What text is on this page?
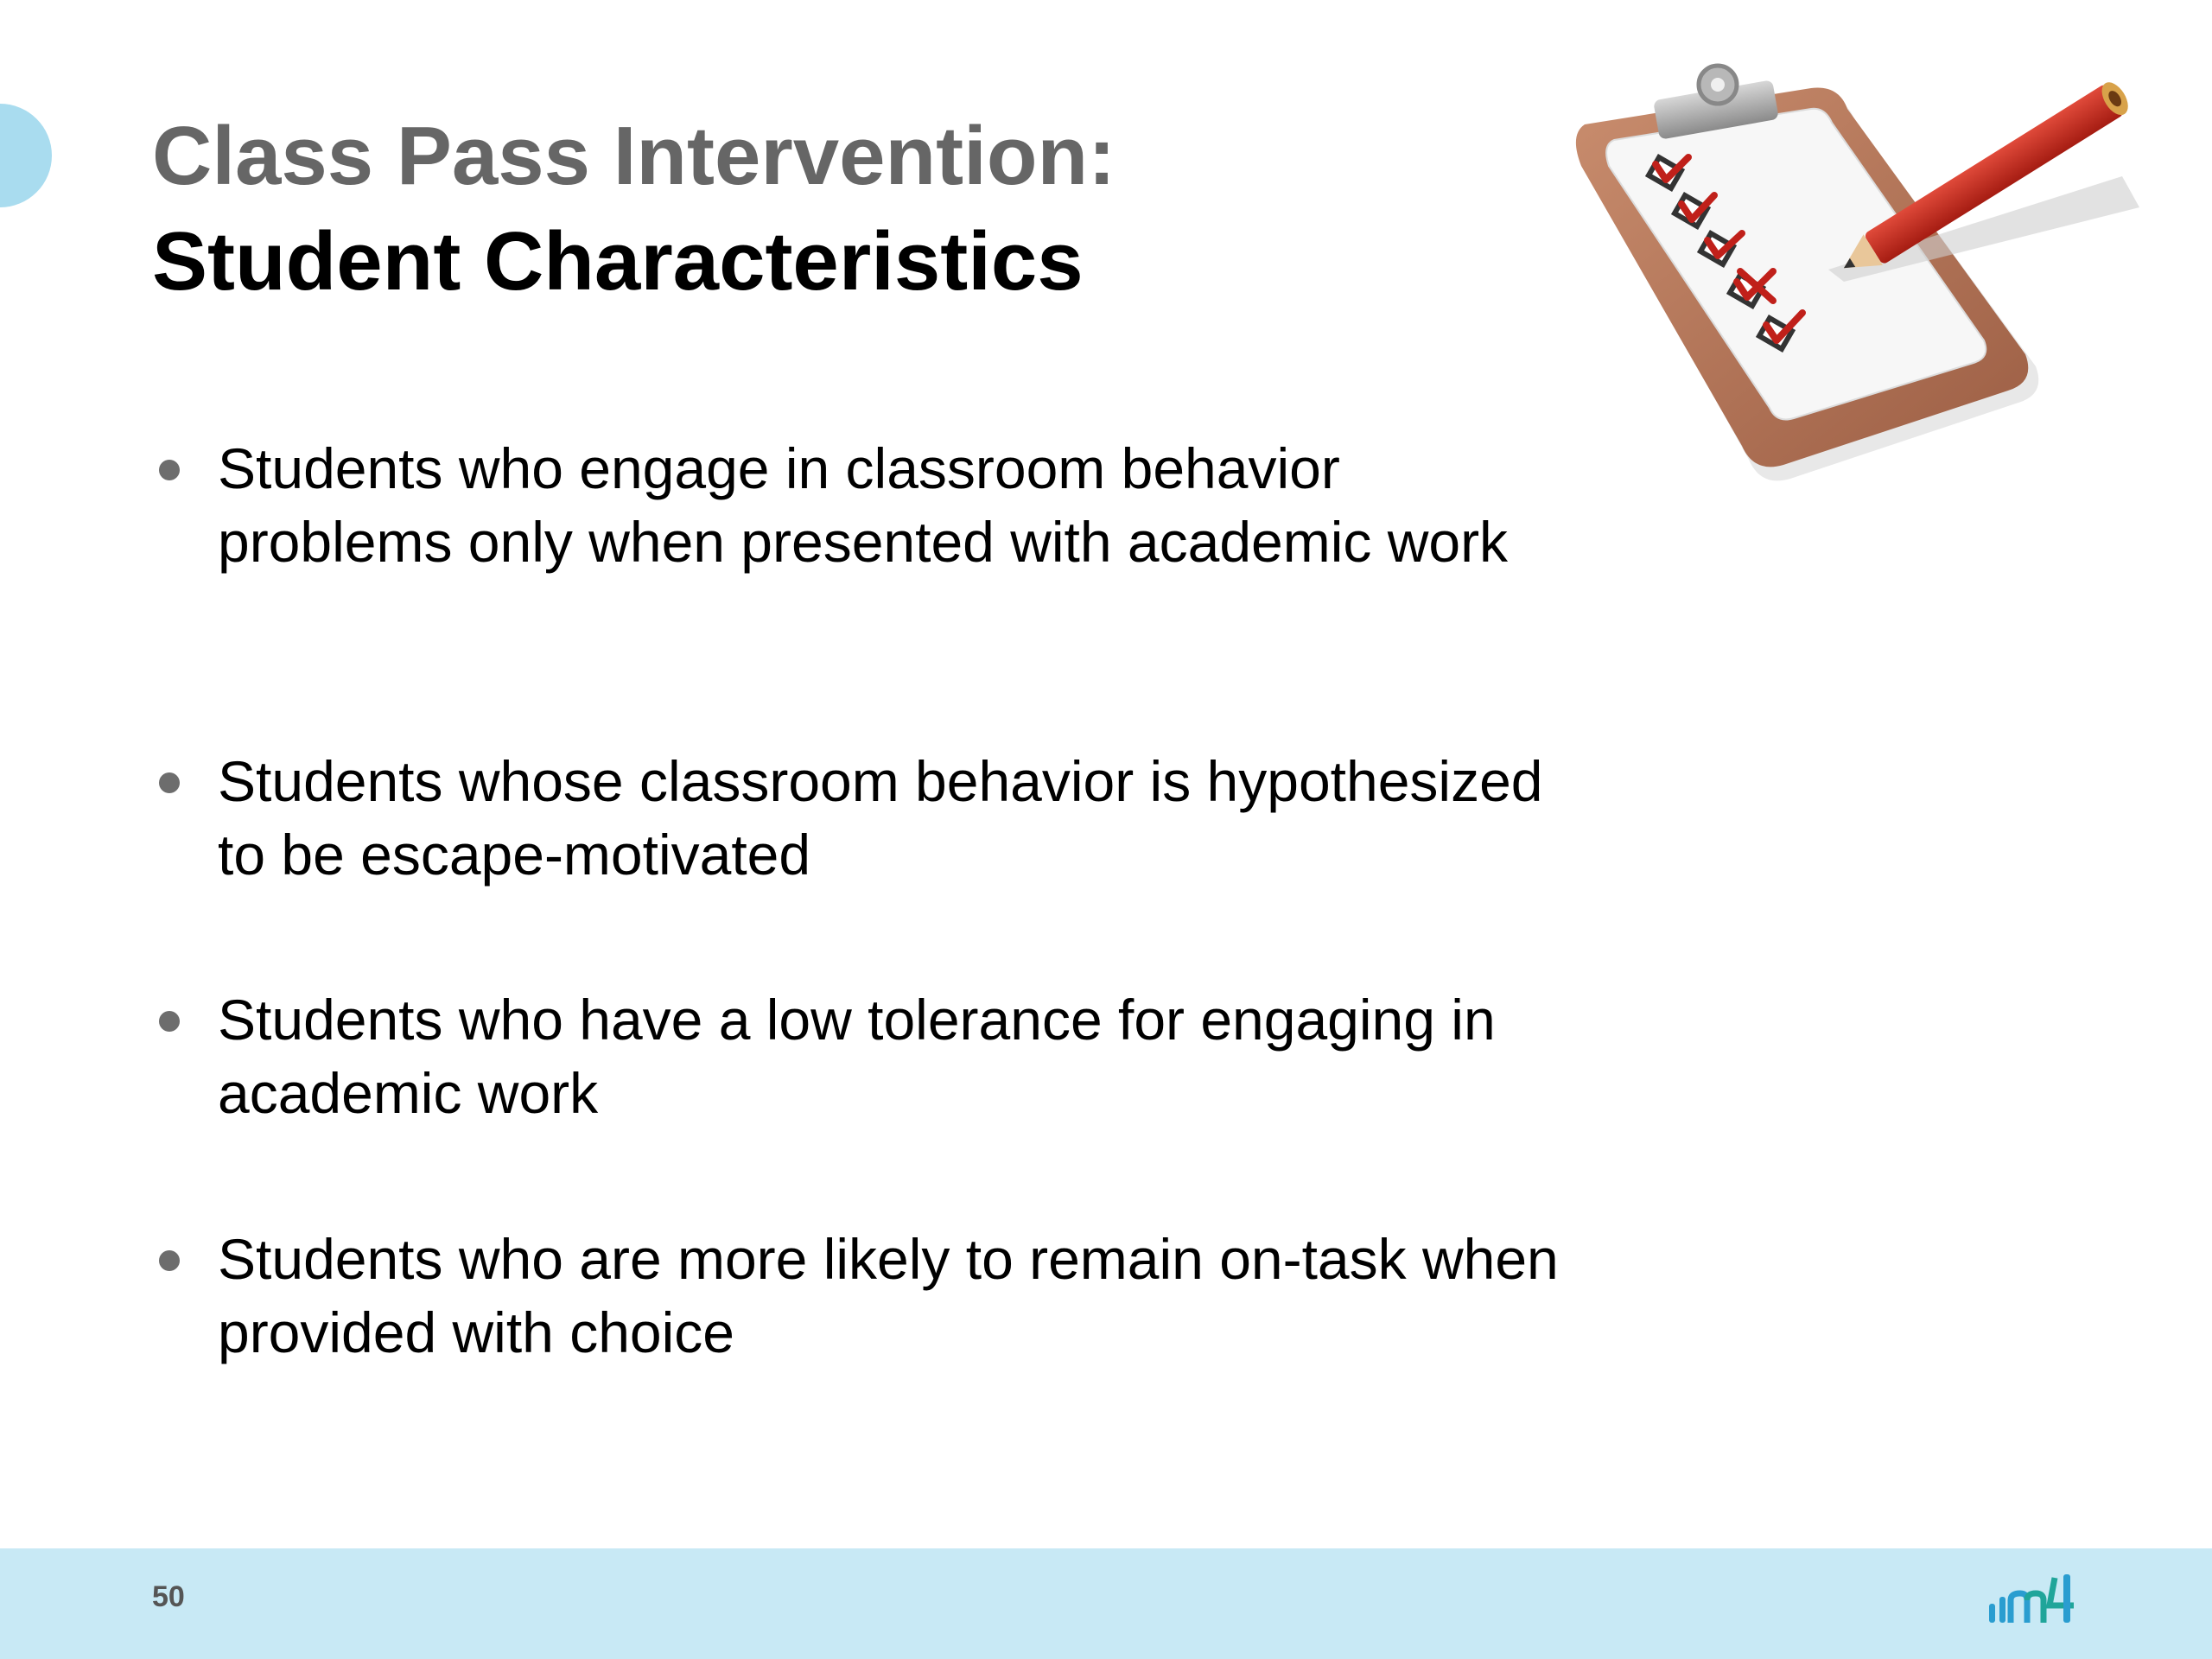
Class Pass Intervention:
Student Characteristics
Students who engage in classroom behavior problems only when presented with academic work
Students whose classroom behavior is hypothesized to be escape-motivated
Students who have a low tolerance for engaging in academic work
Students who are more likely to remain on-task when provided with choice
50
